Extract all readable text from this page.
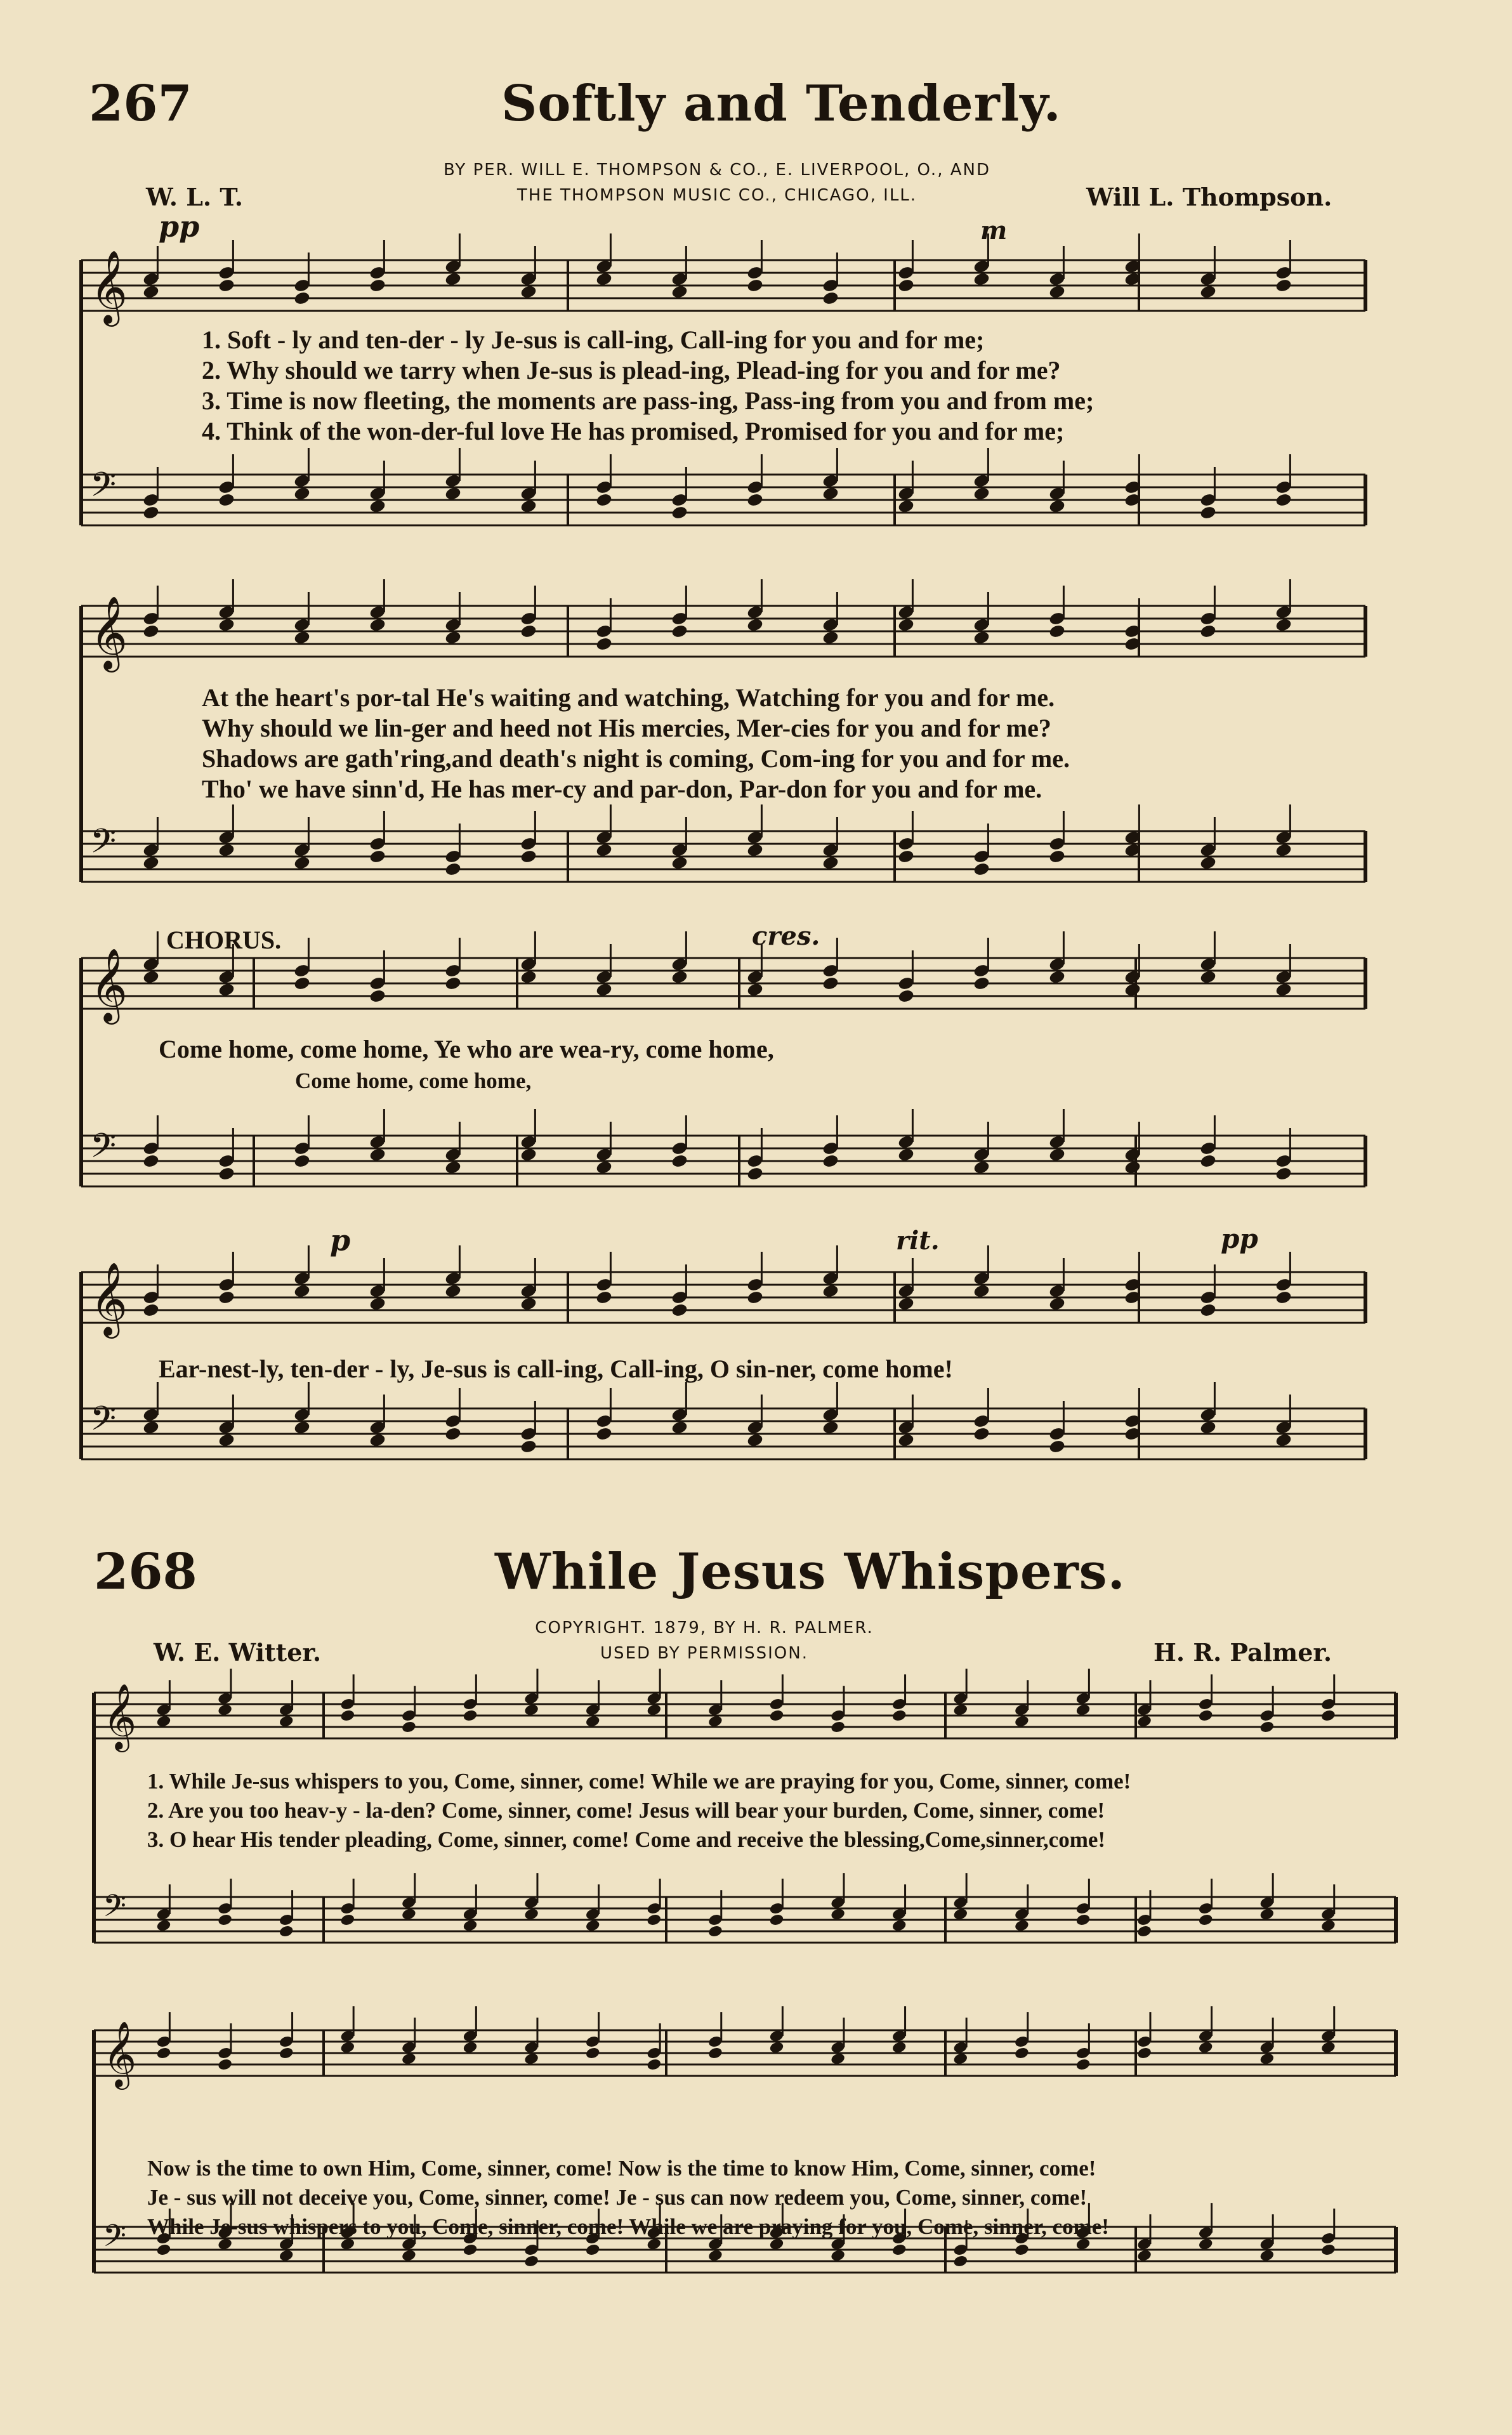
𝄞
𝄢
𝄞
𝄢
𝄞
𝄢
𝄞
𝄢
𝄞
𝄢
𝄞
𝄢
267	Softly and Tenderly.
BY PER. WILL E. THOMPSON & CO., E. LIVERPOOL, O., AND
THE THOMPSON MUSIC CO., CHICAGO, ILL.
W. L. T.	Will L. Thompson.
pp	m
1. Soft - ly and ten-der - ly Je-sus is call-ing, Call-ing for you and for me;
2. Why should we tarry when Je-sus is plead-ing, Plead-ing for you and for me?
3. Time is now fleeting, the moments are pass-ing, Pass-ing from you and from me;
4. Think of the won-der-ful love He has promised, Promised for you and for me;
At the heart's por-tal He's waiting and watching, Watching for you and for me.
Why should we lin-ger and heed not His mercies, Mer-cies for you and for me?
Shadows are gath'ring,and death's night is coming, Com-ing for you and for me.
Tho' we have sinn'd, He has mer-cy and par-don, Par-don for you and for me.
CHORUS.	cres.
Come home, come home, Ye who are wea-ry, come home,
Come home, come home,
p	rit.	pp
Ear-nest-ly, ten-der - ly, Je-sus is call-ing, Call-ing, O sin-ner, come home!
268	While Jesus Whispers.
COPYRIGHT. 1879, BY H. R. PALMER.
USED BY PERMISSION.
W. E. Witter.	H. R. Palmer.
1. While Je-sus whispers to you, Come, sinner, come! While we are praying for you, Come, sinner, come!
2. Are you too heav-y - la-den? Come, sinner, come! Jesus will bear your burden, Come, sinner, come!
3. O hear His tender pleading, Come, sinner, come! Come and receive the blessing,Come,sinner,come!
Now is the time to own Him, Come, sinner, come! Now is the time to know Him, Come, sinner, come!
Je - sus will not deceive you, Come, sinner, come! Je - sus can now redeem you, Come, sinner, come!
While Je-sus whispers to you, Come, sinner, come! While we are praying for you, Come, sinner, come!
